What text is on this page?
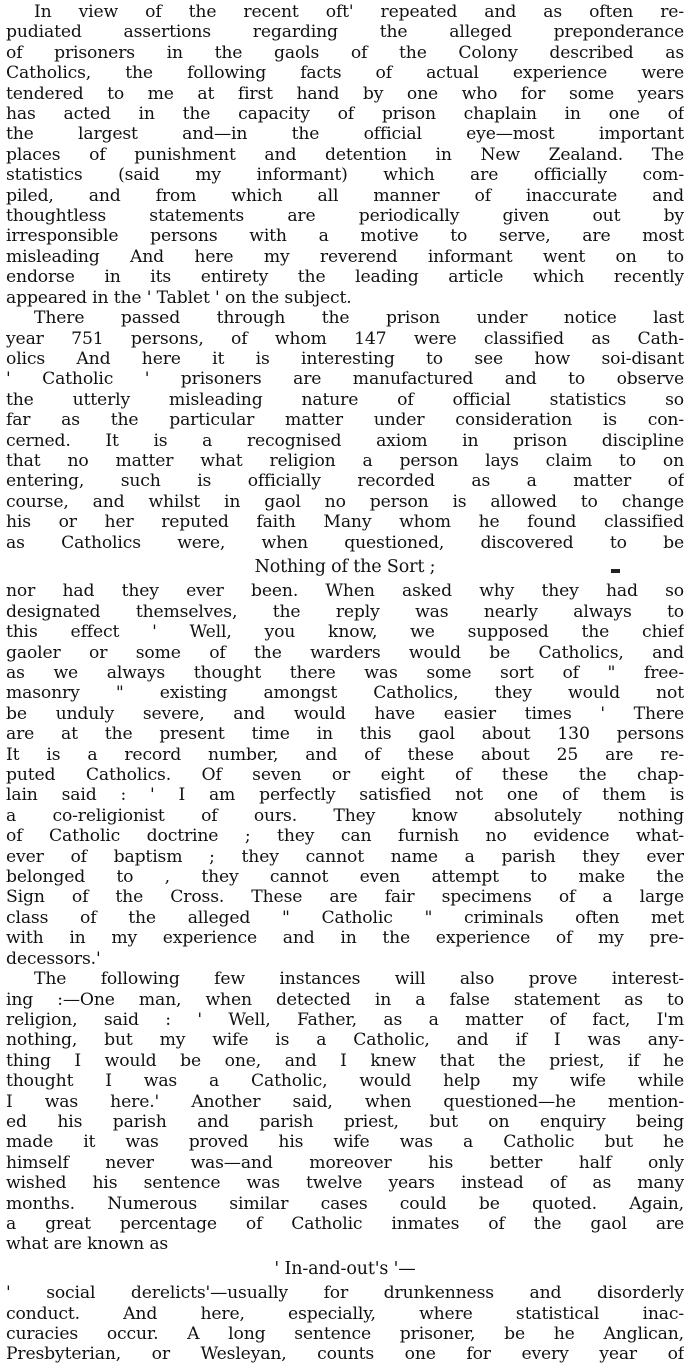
In view of the recent oft' repeated and as often re-
pudiated assertions regarding the alleged preponderance
of prisoners in the gaols of the Colony described as
Catholics, the following facts of actual experience were
tendered to me at first hand by one who for some years
has acted in the capacity of prison chaplain in one of
the largest and—in the official eye—most important
places of punishment and detention in New Zealand. The
statistics (said my informant) which are officially com-
piled, and from which all manner of inaccurate and
thoughtless statements are periodically given out by
irresponsible persons with a motive to serve, are most
misleading And here my reverend informant went on to
endorse in its entirety the leading article which recently
appeared in the ' Tablet ' on the subject.
There passed through the prison under notice last
year 751 persons, of whom 147 were classified as Cath-
olics And here it is interesting to see how soi-disant
' Catholic ' prisoners are manufactured and to observe
the utterly misleading nature of official statistics so
far as the particular matter under consideration is con-
cerned. It is a recognised axiom in prison discipline
that no matter what religion a person lays claim to on
entering, such is officially recorded as a matter of
course, and whilst in gaol no person is allowed to change
his or her reputed faith Many whom he found classified
as Catholics were, when questioned, discovered to be
Nothing of the Sort ;
nor had they ever been. When asked why they had so
designated themselves, the reply was nearly always to
this effect ' Well, you know, we supposed the chief
gaoler or some of the warders would be Catholics, and
as we always thought there was some sort of " free-
masonry " existing amongst Catholics, they would not
be unduly severe, and would have easier times ' There
are at the present time in this gaol about 130 persons
It is a record number, and of these about 25 are re-
puted Catholics. Of seven or eight of these the chap-
lain said : ' I am perfectly satisfied not one of them is
a co-religionist of ours. They know absolutely nothing
of Catholic doctrine ; they can furnish no evidence what-
ever of baptism ; they cannot name a parish they ever
belonged to , they cannot even attempt to make the
Sign of the Cross. These are fair specimens of a large
class of the alleged " Catholic " criminals often met
with in my experience and in the experience of my pre-
decessors.'
The following few instances will also prove interest-
ing :—One man, when detected in a false statement as to
religion, said : ' Well, Father, as a matter of fact, I'm
nothing, but my wife is a Catholic, and if I was any-
thing I would be one, and I knew that the priest, if he
thought I was a Catholic, would help my wife while
I was here.' Another said, when questioned—he mention-
ed his parish and parish priest, but on enquiry being
made it was proved his wife was a Catholic but he
himself never was—and moreover his better half only
wished his sentence was twelve years instead of as many
months. Numerous similar cases could be quoted. Again,
a great percentage of Catholic inmates of the gaol are
what are known as
' In-and-out's '—
' social derelicts'—usually for drunkenness and disorderly
conduct. And here, especially, where statistical inac-
curacies occur. A long sentence prisoner, be he Anglican,
Presbyterian, or Wesleyan, counts one for every year of
